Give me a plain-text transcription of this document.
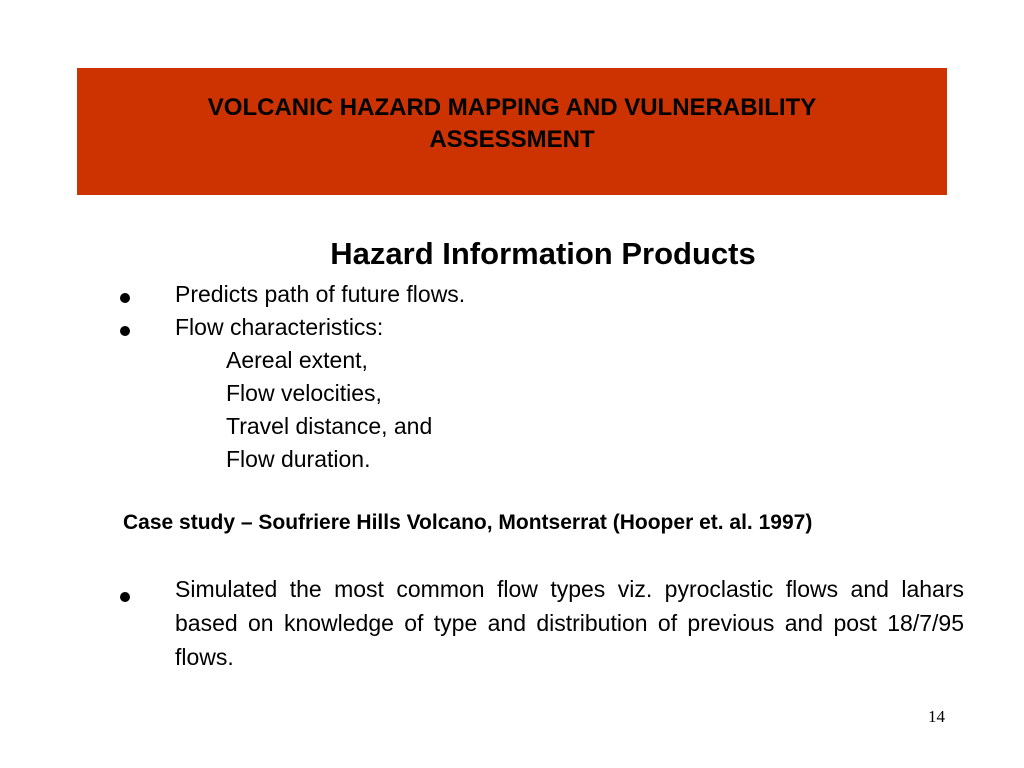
VOLCANIC HAZARD MAPPING AND VULNERABILITY ASSESSMENT
Hazard Information Products
Predicts path of future flows.
Flow characteristics:
Aereal extent,
Flow velocities,
Travel distance, and
Flow duration.
Case study – Soufriere Hills Volcano, Montserrat (Hooper et. al. 1997)
Simulated the most common flow types viz. pyroclastic flows and lahars based on knowledge of type and distribution of previous and post 18/7/95 flows.
14
